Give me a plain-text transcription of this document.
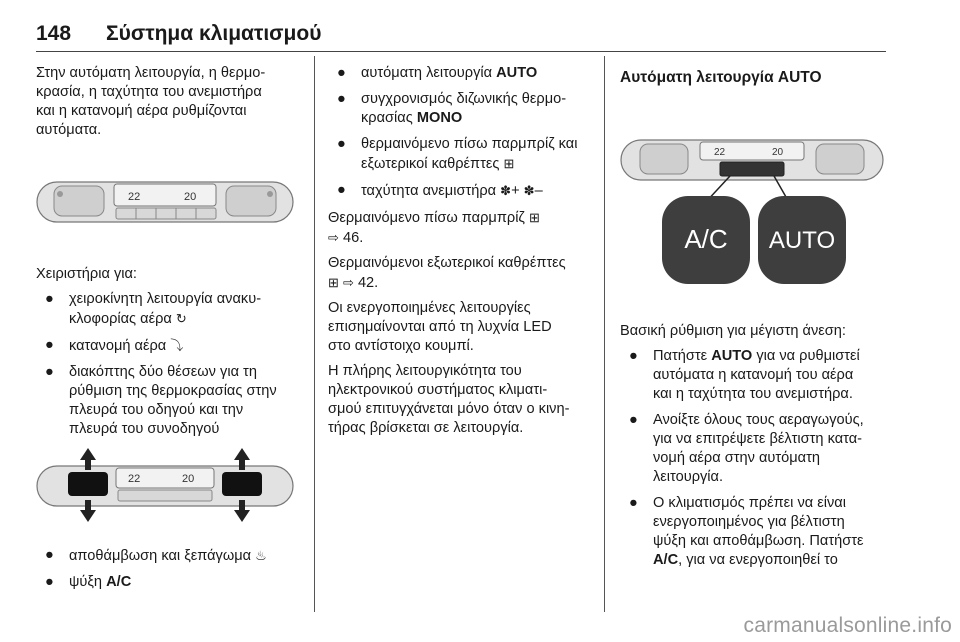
148 Σύστημα κλιματισμού

Στην αυτόματη λειτουργία, η θερμο-
κρασία, η ταχύτητα του ανεμιστήρα
και η κατανομή αέρα ρυθμίζονται
αυτόματα.

22	20

Χειριστήρια για:

● χειροκίνητη λειτουργία ανακυ-
κλοφορίας αέρα ↻
● κατανομή αέρα ⤵
● διακόπτης δύο θέσεων για τη
ρύθμιση της θερμοκρασίας στην
πλευρά του οδηγού και την
πλευρά του συνοδηγού
22	20
● αποθάμβωση και ξεπάγωμα ♨
● ψύξη A/C
● αυτόματη λειτουργία AUTO
● συγχρονισμός διζωνικής θερμο-
κρασίας MONO
● θερμαινόμενο πίσω παρμπρίζ και
εξωτερικοί καθρέπτες ⊞
● ταχύτητα ανεμιστήρα ✽+ ✽–

Θερμαινόμενο πίσω παρμπρίζ ⊞
⇨ 46.

Θερμαινόμενοι εξωτερικοί καθρέπτες
⊞ ⇨ 42.

Οι ενεργοποιημένες λειτουργίες
επισημαίνονται από τη λυχνία LED
στο αντίστοιχο κουμπί.

Η πλήρης λειτουργικότητα του
ηλεκτρονικού συστήματος κλιματι-
σμού επιτυγχάνεται μόνο όταν ο κινη-
τήρας βρίσκεται σε λειτουργία.

Αυτόματη λειτουργία AUTO
22	20
A/C AUTO

Βασική ρύθμιση για μέγιστη άνεση:

● Πατήστε AUTO για να ρυθμιστεί
αυτόματα η κατανομή του αέρα
και η ταχύτητα του ανεμιστήρα.
● Ανοίξτε όλους τους αεραγωγούς,
για να επιτρέψετε βέλτιστη κατα-
νομή αέρα στην αυτόματη
λειτουργία.
● Ο κλιματισμός πρέπει να είναι
ενεργοποιημένος για βέλτιστη
ψύξη και αποθάμβωση. Πατήστε
A/C, για να ενεργοποιηθεί το
carmanualsonline.info
